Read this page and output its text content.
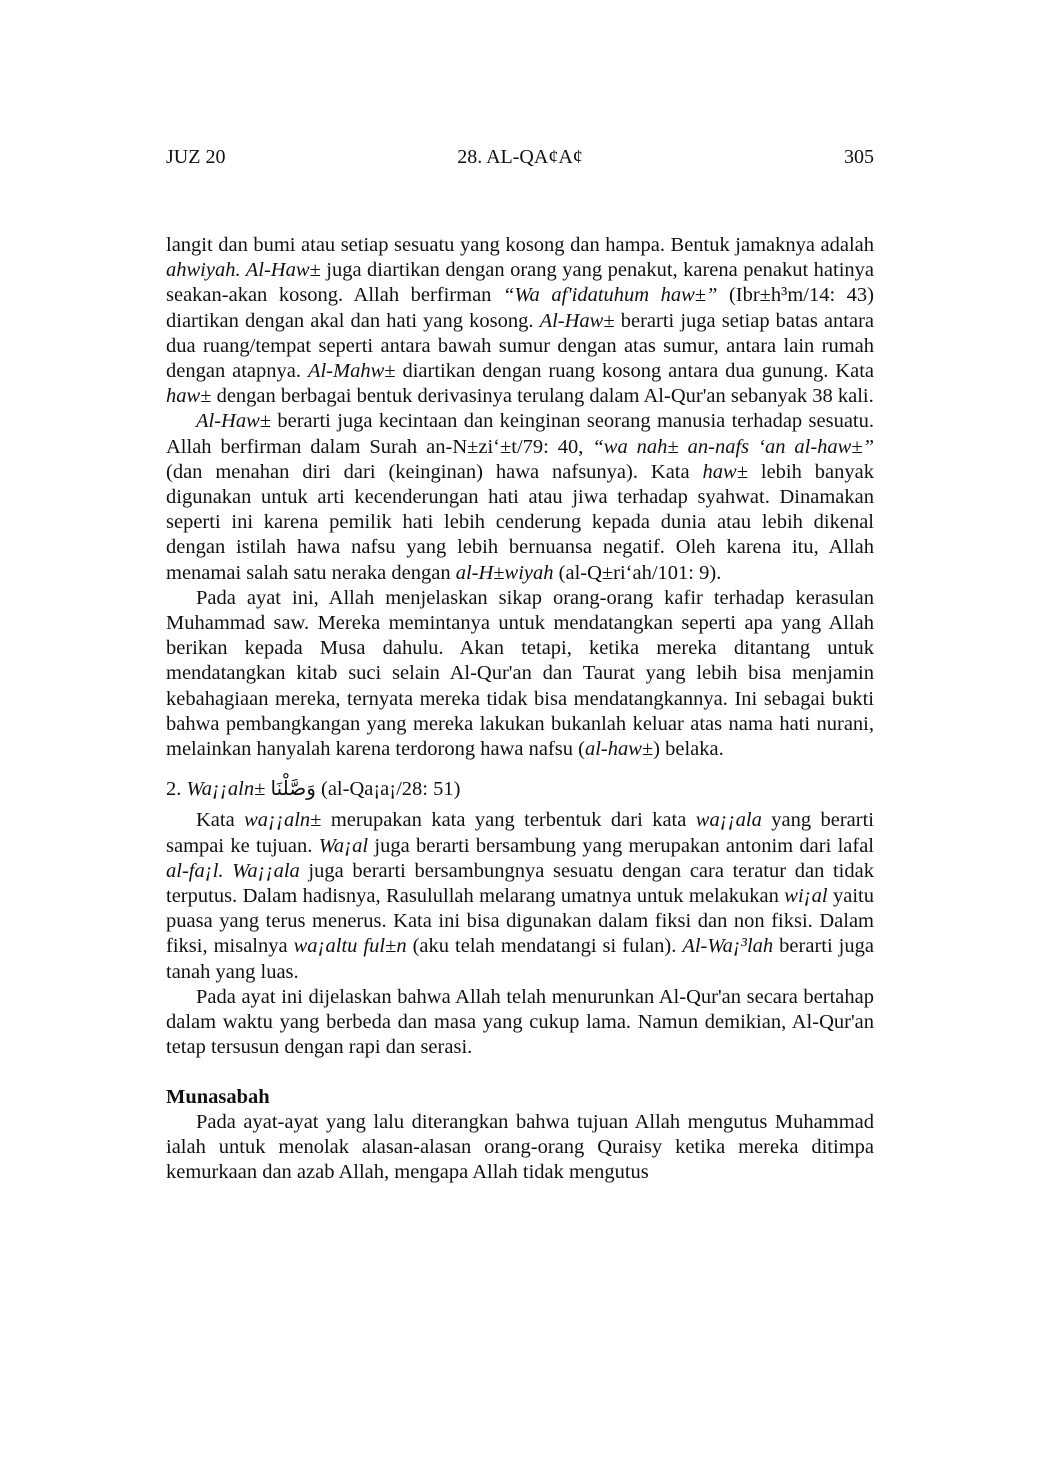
JUZ 20	28. AL-QA¢A¢	305

langit dan bumi atau setiap sesuatu yang kosong dan hampa. Bentuk jamaknya adalah ahwiyah. Al-Haw± juga diartikan dengan orang yang penakut, karena penakut hatinya seakan-akan kosong. Allah berfirman “Wa af'idatuhum haw±” (Ibr±h³m/14: 43) diartikan dengan akal dan hati yang kosong. Al-Haw± berarti juga setiap batas antara dua ruang/tempat seperti antara bawah sumur dengan atas sumur, antara lain rumah dengan atapnya. Al-Mahw± diartikan dengan ruang kosong antara dua gunung. Kata haw± dengan berbagai bentuk derivasinya terulang dalam Al-Qur'an sebanyak 38 kali.

Al-Haw± berarti juga kecintaan dan keinginan seorang manusia terhadap sesuatu. Allah berfirman dalam Surah an-N±zi‘±t/79: 40, “wa nah± an-nafs ‘an al-haw±” (dan menahan diri dari (keinginan) hawa nafsunya). Kata haw± lebih banyak digunakan untuk arti kecenderungan hati atau jiwa terhadap syahwat. Dinamakan seperti ini karena pemilik hati lebih cenderung kepada dunia atau lebih dikenal dengan istilah hawa nafsu yang lebih bernuansa negatif. Oleh karena itu, Allah menamai salah satu neraka dengan al-H±wiyah (al-Q±ri‘ah/101: 9).

Pada ayat ini, Allah menjelaskan sikap orang-orang kafir terhadap kerasulan Muhammad saw. Mereka memintanya untuk mendatangkan seperti apa yang Allah berikan kepada Musa dahulu. Akan tetapi, ketika mereka ditantang untuk mendatangkan kitab suci selain Al-Qur'an dan Taurat yang lebih bisa menjamin kebahagiaan mereka, ternyata mereka tidak bisa mendatangkannya. Ini sebagai bukti bahwa pembangkangan yang mereka lakukan bukanlah keluar atas nama hati nurani, melainkan hanyalah karena terdorong hawa nafsu (al-haw±) belaka.

2. Wa¡¡aln± وَصَّلْنَا (al-Qa¡a¡/28: 51)

Kata wa¡¡aln± merupakan kata yang terbentuk dari kata wa¡¡ala yang berarti sampai ke tujuan. Wa¡al juga berarti bersambung yang merupakan antonim dari lafal al-fa¡l. Wa¡¡ala juga berarti bersambungnya sesuatu dengan cara teratur dan tidak terputus. Dalam hadisnya, Rasulullah melarang umatnya untuk melakukan wi¡al yaitu puasa yang terus menerus. Kata ini bisa digunakan dalam fiksi dan non fiksi. Dalam fiksi, misalnya wa¡altu ful±n (aku telah mendatangi si fulan). Al-Wa¡³lah berarti juga tanah yang luas.

Pada ayat ini dijelaskan bahwa Allah telah menurunkan Al-Qur'an secara bertahap dalam waktu yang berbeda dan masa yang cukup lama. Namun demikian, Al-Qur'an tetap tersusun dengan rapi dan serasi.

Munasabah

Pada ayat-ayat yang lalu diterangkan bahwa tujuan Allah mengutus Muhammad ialah untuk menolak alasan-alasan orang-orang Quraisy ketika mereka ditimpa kemurkaan dan azab Allah, mengapa Allah tidak mengutus
